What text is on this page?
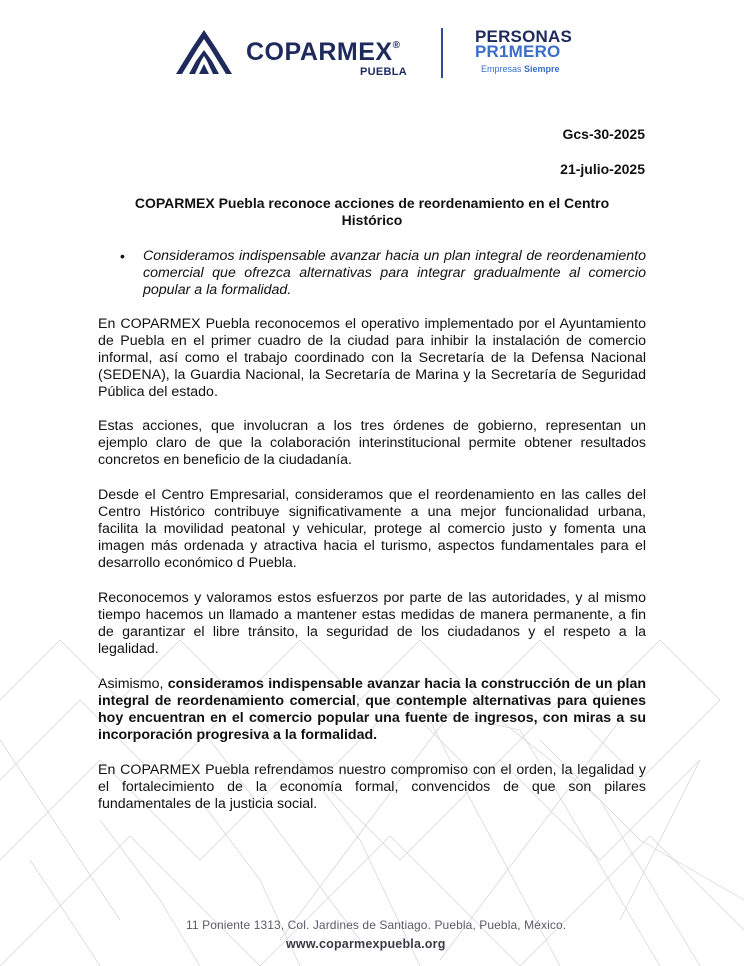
COPARMEX®
PUEBLA
PERSONAS
PR1MERO
Empresas Siempre
Gcs-30-2025
21-julio-2025
COPARMEX Puebla reconoce acciones de reordenamiento en el Centro Histórico
• Consideramos indispensable avanzar hacia un plan integral de reordenamiento comercial que ofrezca alternativas para integrar gradualmente al comercio popular a la formalidad.

En COPARMEX Puebla reconocemos el operativo implementado por el Ayuntamiento de Puebla en el primer cuadro de la ciudad para inhibir la instalación de comercio informal, así como el trabajo coordinado con la Secretaría de la Defensa Nacional (SEDENA), la Guardia Nacional, la Secretaría de Marina y la Secretaría de Seguridad Pública del estado.

Estas acciones, que involucran a los tres órdenes de gobierno, representan un ejemplo claro de que la colaboración interinstitucional permite obtener resultados concretos en beneficio de la ciudadanía.

Desde el Centro Empresarial, consideramos que el reordenamiento en las calles del Centro Histórico contribuye significativamente a una mejor funcionalidad urbana, facilita la movilidad peatonal y vehicular, protege al comercio justo y fomenta una imagen más ordenada y atractiva hacia el turismo, aspectos fundamentales para el desarrollo económico d Puebla.

Reconocemos y valoramos estos esfuerzos por parte de las autoridades, y al mismo tiempo hacemos un llamado a mantener estas medidas de manera permanente, a fin de garantizar el libre tránsito, la seguridad de los ciudadanos y el respeto a la legalidad.

Asimismo, consideramos indispensable avanzar hacia la construcción de un plan integral de reordenamiento comercial, que contemple alternativas para quienes hoy encuentran en el comercio popular una fuente de ingresos, con miras a su incorporación progresiva a la formalidad.

En COPARMEX Puebla refrendamos nuestro compromiso con el orden, la legalidad y el fortalecimiento de la economía formal, convencidos de que son pilares fundamentales de la justicia social.

11 Poniente 1313, Col. Jardines de Santiago. Puebla, Puebla, México.
www.coparmexpuebla.org
